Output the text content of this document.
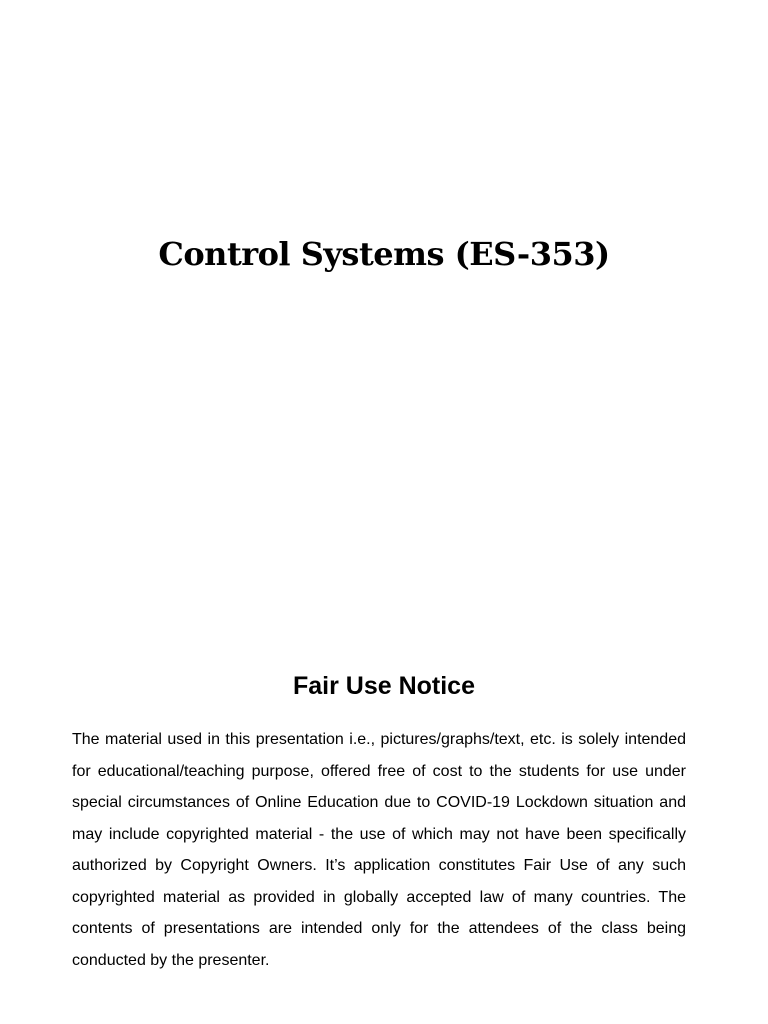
Control Systems (ES-353)
Fair Use Notice

The material used in this presentation i.e., pictures/graphs/text, etc. is solely intended for educational/teaching purpose, offered free of cost to the students for use under special circumstances of Online Education due to COVID-19 Lockdown situation and may include copyrighted material - the use of which may not have been specifically authorized by Copyright Owners. It’s application constitutes Fair Use of any such copyrighted material as provided in globally accepted law of many countries. The contents of presentations are intended only for the attendees of the class being conducted by the presenter.
